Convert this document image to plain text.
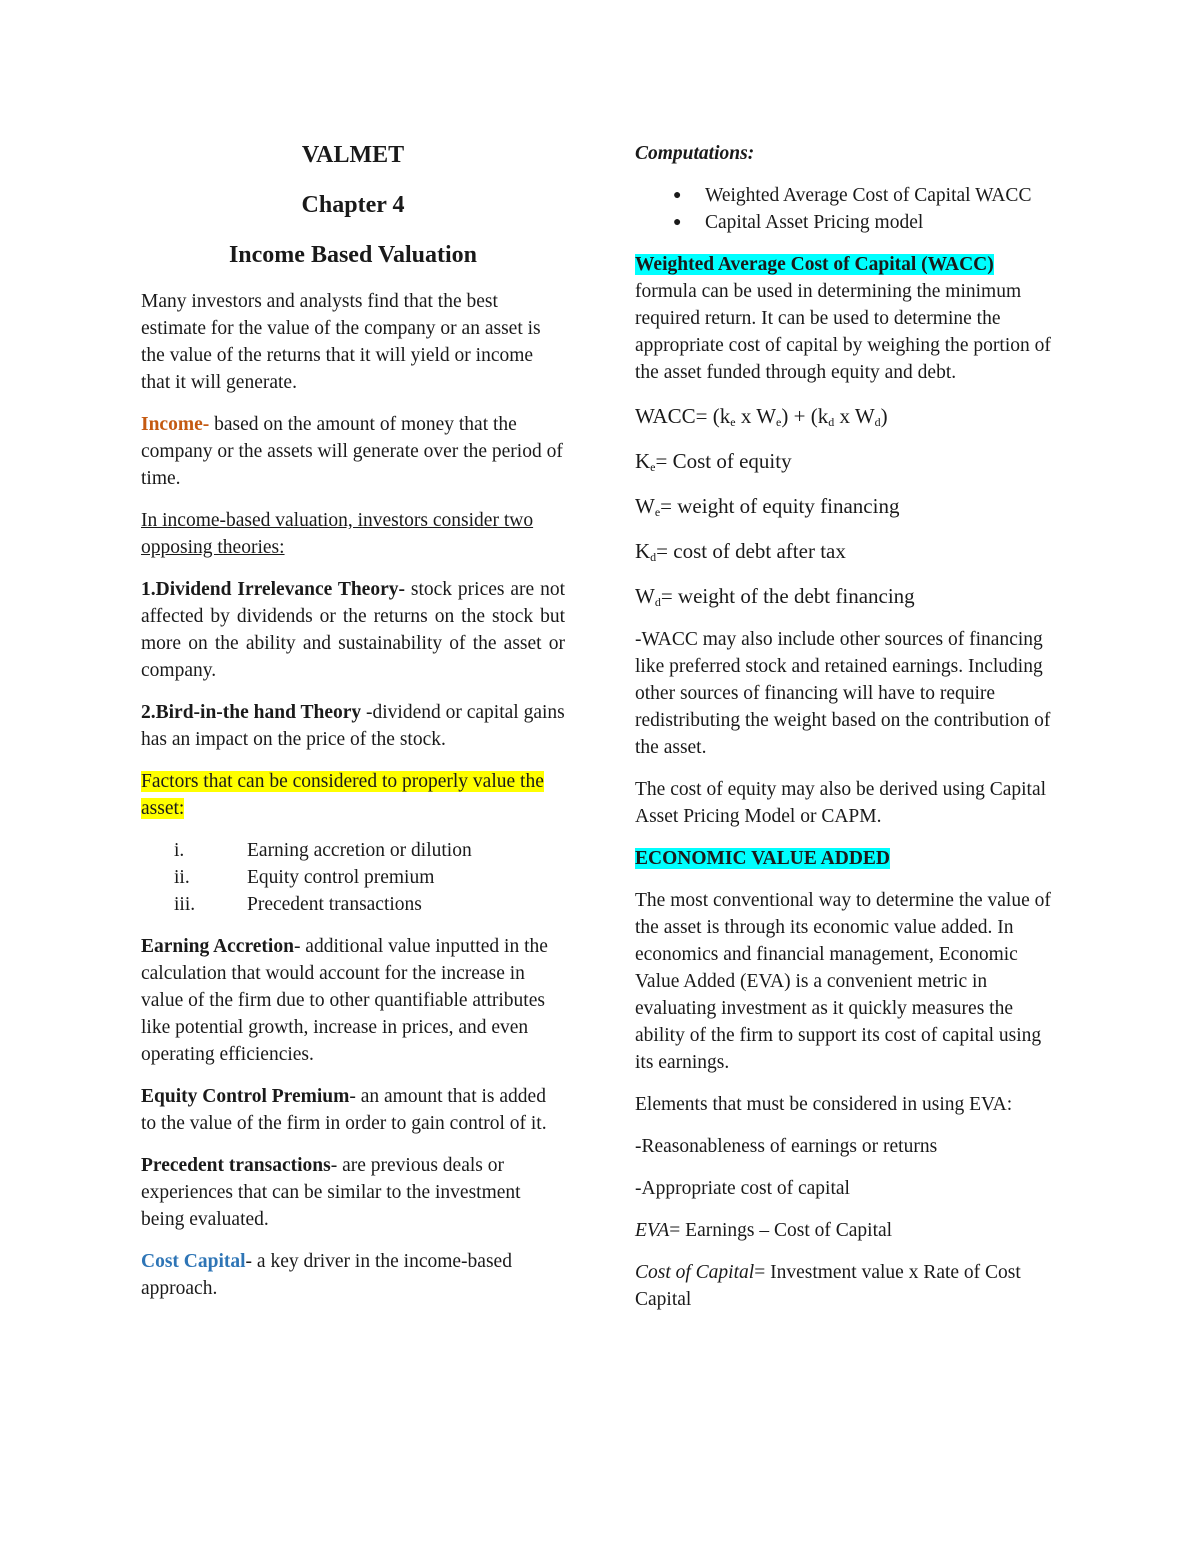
VALMET

Chapter 4

Income Based Valuation

Many investors and analysts find that the best estimate for the value of the company or an asset is the value of the returns that it will yield or income that it will generate.

Income- based on the amount of money that the company or the assets will generate over the period of time.

In income-based valuation, investors consider two opposing theories:

1.Dividend Irrelevance Theory- stock prices are not affected by dividends or the returns on the stock but more on the ability and sustainability of the asset or company.

2.Bird-in-the hand Theory -dividend or capital gains has an impact on the price of the stock.

Factors that can be considered to properly value the asset:

i.	Earning accretion or dilution
ii.	Equity control premium
iii.	Precedent transactions

Earning Accretion- additional value inputted in the calculation that would account for the increase in value of the firm due to other quantifiable attributes like potential growth, increase in prices, and even operating efficiencies.

Equity Control Premium- an amount that is added to the value of the firm in order to gain control of it.

Precedent transactions- are previous deals or experiences that can be similar to the investment being evaluated.

Cost Capital- a key driver in the income-based approach.

Computations:

●	Weighted Average Cost of Capital WACC
●	Capital Asset Pricing model

Weighted Average Cost of Capital (WACC) formula can be used in determining the minimum required return. It can be used to determine the appropriate cost of capital by weighing the portion of the asset funded through equity and debt.

WACC= ($k_e$ x $W_e) + (k_d$ x $W_d$)

$K_e=$ Cost of equity

$W_e=$ weight of equity financing

$K_d= \cos t$ of debt after tax

$W_d=$ weight of the debt financing

-WACC may also include other sources of financing like preferred stock and retained earnings. Including other sources of financing will have to require redistributing the weight based on the contribution of the asset.

The cost of equity may also be derived using Capital Asset Pricing Model or CAPM.

ECONOMIC VALUE ADDED

The most conventional way to determine the value of the asset is through its economic value added. In economics and financial management, Economic Value Added (EVA) is a convenient metric in evaluating investment as it quickly measures the ability of the firm to support its cost of capital using its earnings.

Elements that must be considered in using EVA:

-Reasonableness of earnings or returns

-Appropriate cost of capital

EVA= Earnings – Cost of Capital

Cost of Capital= Investment value x Rate of Cost Capital
